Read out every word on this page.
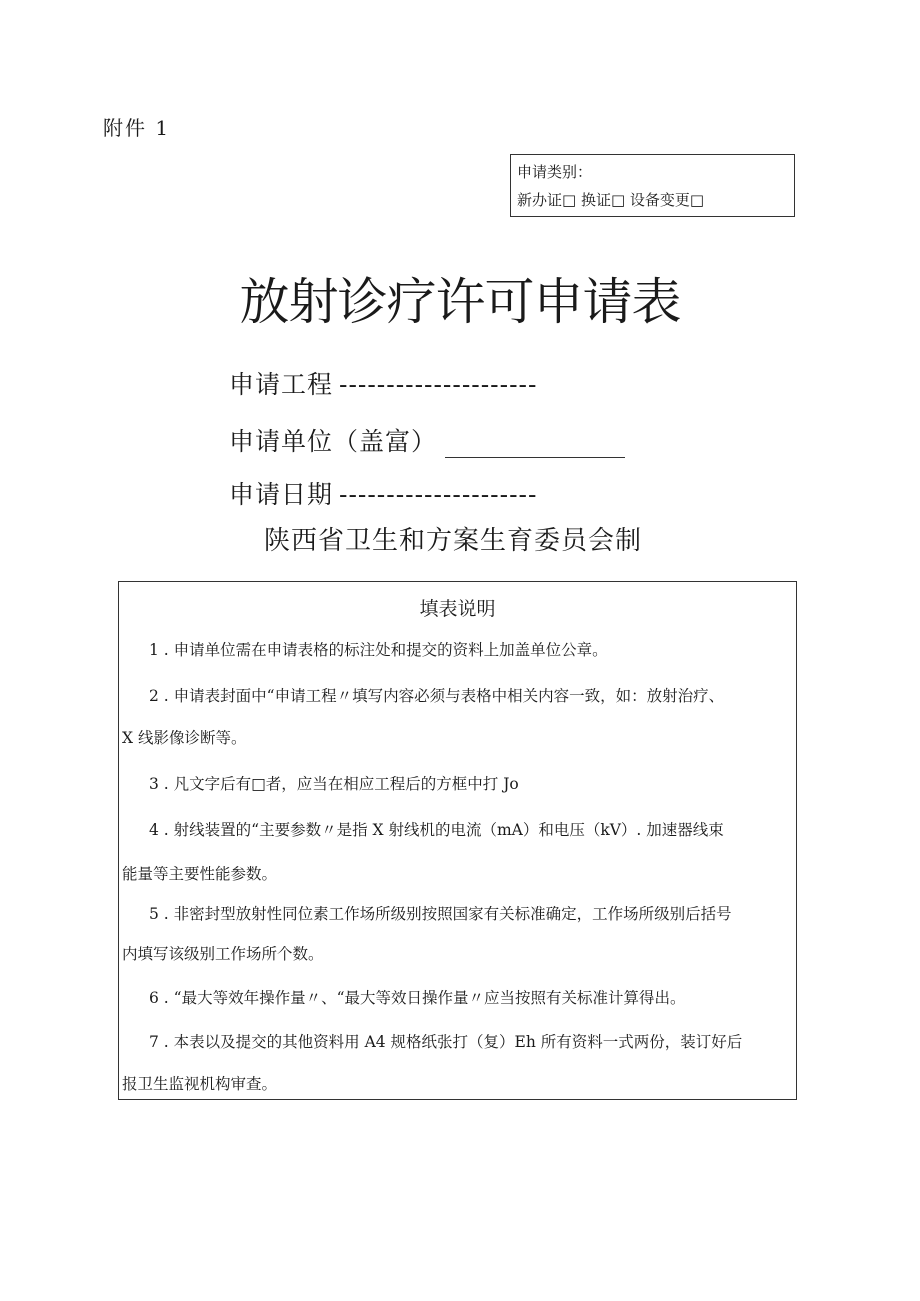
附件 1
申请类别：
新办证□ 换证□ 设备变更□
放射诊疗许可申请表
申请工程 ---------------------
申请单位（盖富）
申请日期 ---------------------
陕西省卫生和方案生育委员会制
填表说明
1 . 申请单位需在申请表格的标注处和提交的资料上加盖单位公章。
2 . 申请表封面中“申请工程〃填写内容必须与表格中相关内容一致，如：放射治疗、
X 线影像诊断等。
3 . 凡文字后有□者，应当在相应工程后的方框中打 Jo
4 . 射线装置的“主要参数〃是指 X 射线机的电流（mA）和电压（kV）. 加速器线束
能量等主要性能参数。
5 . 非密封型放射性同位素工作场所级别按照国家有关标准确定，工作场所级别后括号
内填写该级别工作场所个数。
6 . “最大等效年操作量〃、“最大等效日操作量〃应当按照有关标准计算得出。
7 . 本表以及提交的其他资料用 A4 规格纸张打（复）Eh 所有资料一式两份，装订好后
报卫生监视机构审查。
